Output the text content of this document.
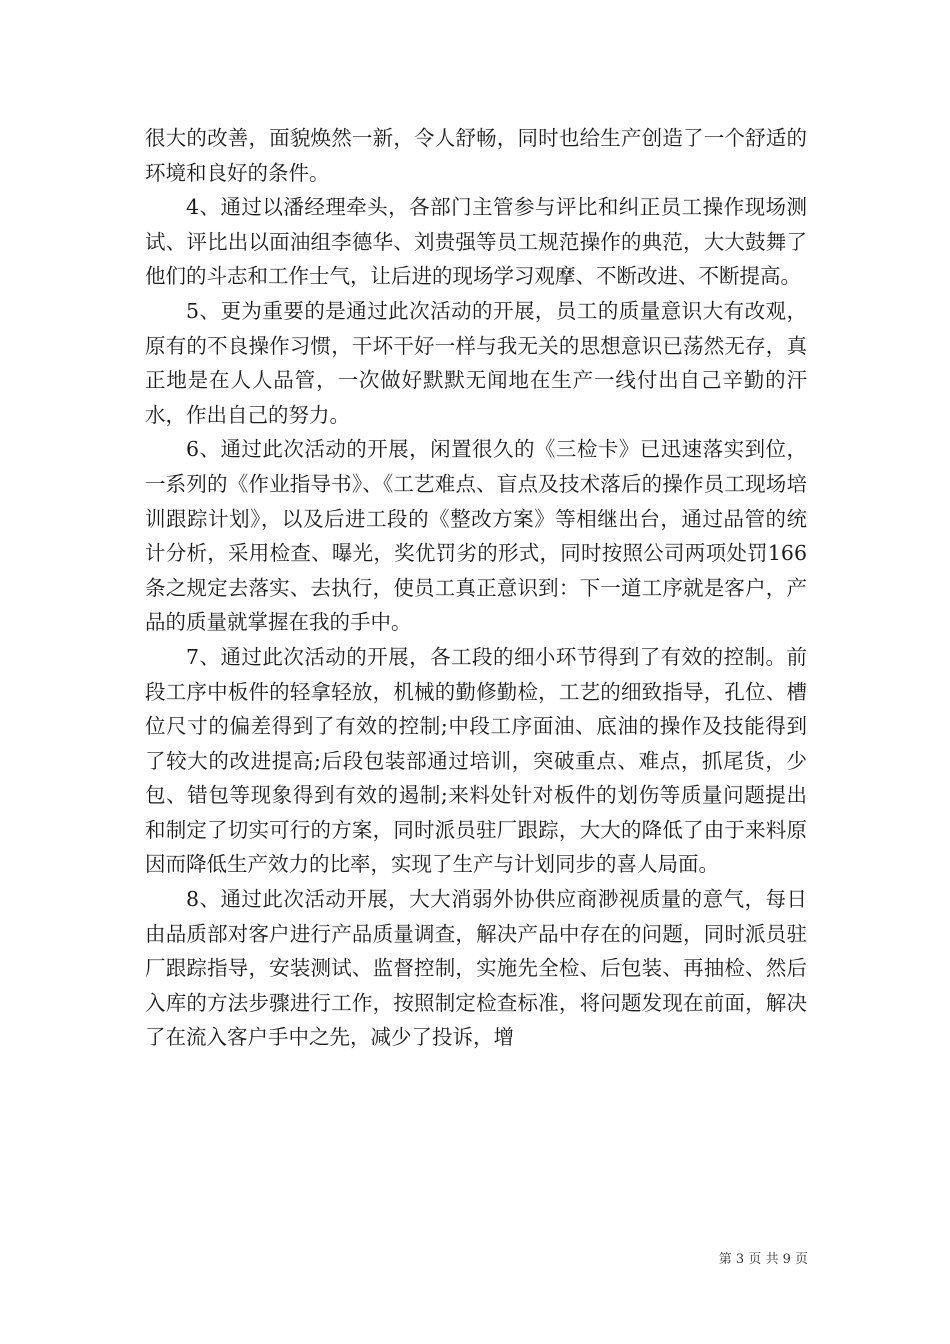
很大的改善，面貌焕然一新，令人舒畅，同时也给生产创造了一个舒适的环境和良好的条件。

4、通过以潘经理牵头，各部门主管参与评比和纠正员工操作现场测试、评比出以面油组李德华、刘贵强等员工规范操作的典范，大大鼓舞了他们的斗志和工作士气，让后进的现场学习观摩、不断改进、不断提高。

5、更为重要的是通过此次活动的开展，员工的质量意识大有改观，原有的不良操作习惯，干坏干好一样与我无关的思想意识已荡然无存，真正地是在人人品管，一次做好默默无闻地在生产一线付出自己辛勤的汗水，作出自己的努力。

6、通过此次活动的开展，闲置很久的《三检卡》已迅速落实到位，一系列的《作业指导书》、《工艺难点、盲点及技术落后的操作员工现场培训跟踪计划》，以及后进工段的《整改方案》等相继出台，通过品管的统计分析，采用检查、曝光，奖优罚劣的形式，同时按照公司两项处罚166条之规定去落实、去执行，使员工真正意识到：下一道工序就是客户，产品的质量就掌握在我的手中。

7、通过此次活动的开展，各工段的细小环节得到了有效的控制。前段工序中板件的轻拿轻放，机械的勤修勤检，工艺的细致指导，孔位、槽位尺寸的偏差得到了有效的控制;中段工序面油、底油的操作及技能得到了较大的改进提高;后段包装部通过培训，突破重点、难点，抓尾货，少包、错包等现象得到有效的遏制;来料处针对板件的划伤等质量问题提出和制定了切实可行的方案，同时派员驻厂跟踪，大大的降低了由于来料原因而降低生产效力的比率，实现了生产与计划同步的喜人局面。

8、通过此次活动开展，大大消弱外协供应商渺视质量的意气，每日由品质部对客户进行产品质量调查，解决产品中存在的问题，同时派员驻厂跟踪指导，安装测试、监督控制，实施先全检、后包装、再抽检、然后入库的方法步骤进行工作，按照制定检查标准，将问题发现在前面，解决了在流入客户手中之先，减少了投诉，增

第 3 页 共 9 页
